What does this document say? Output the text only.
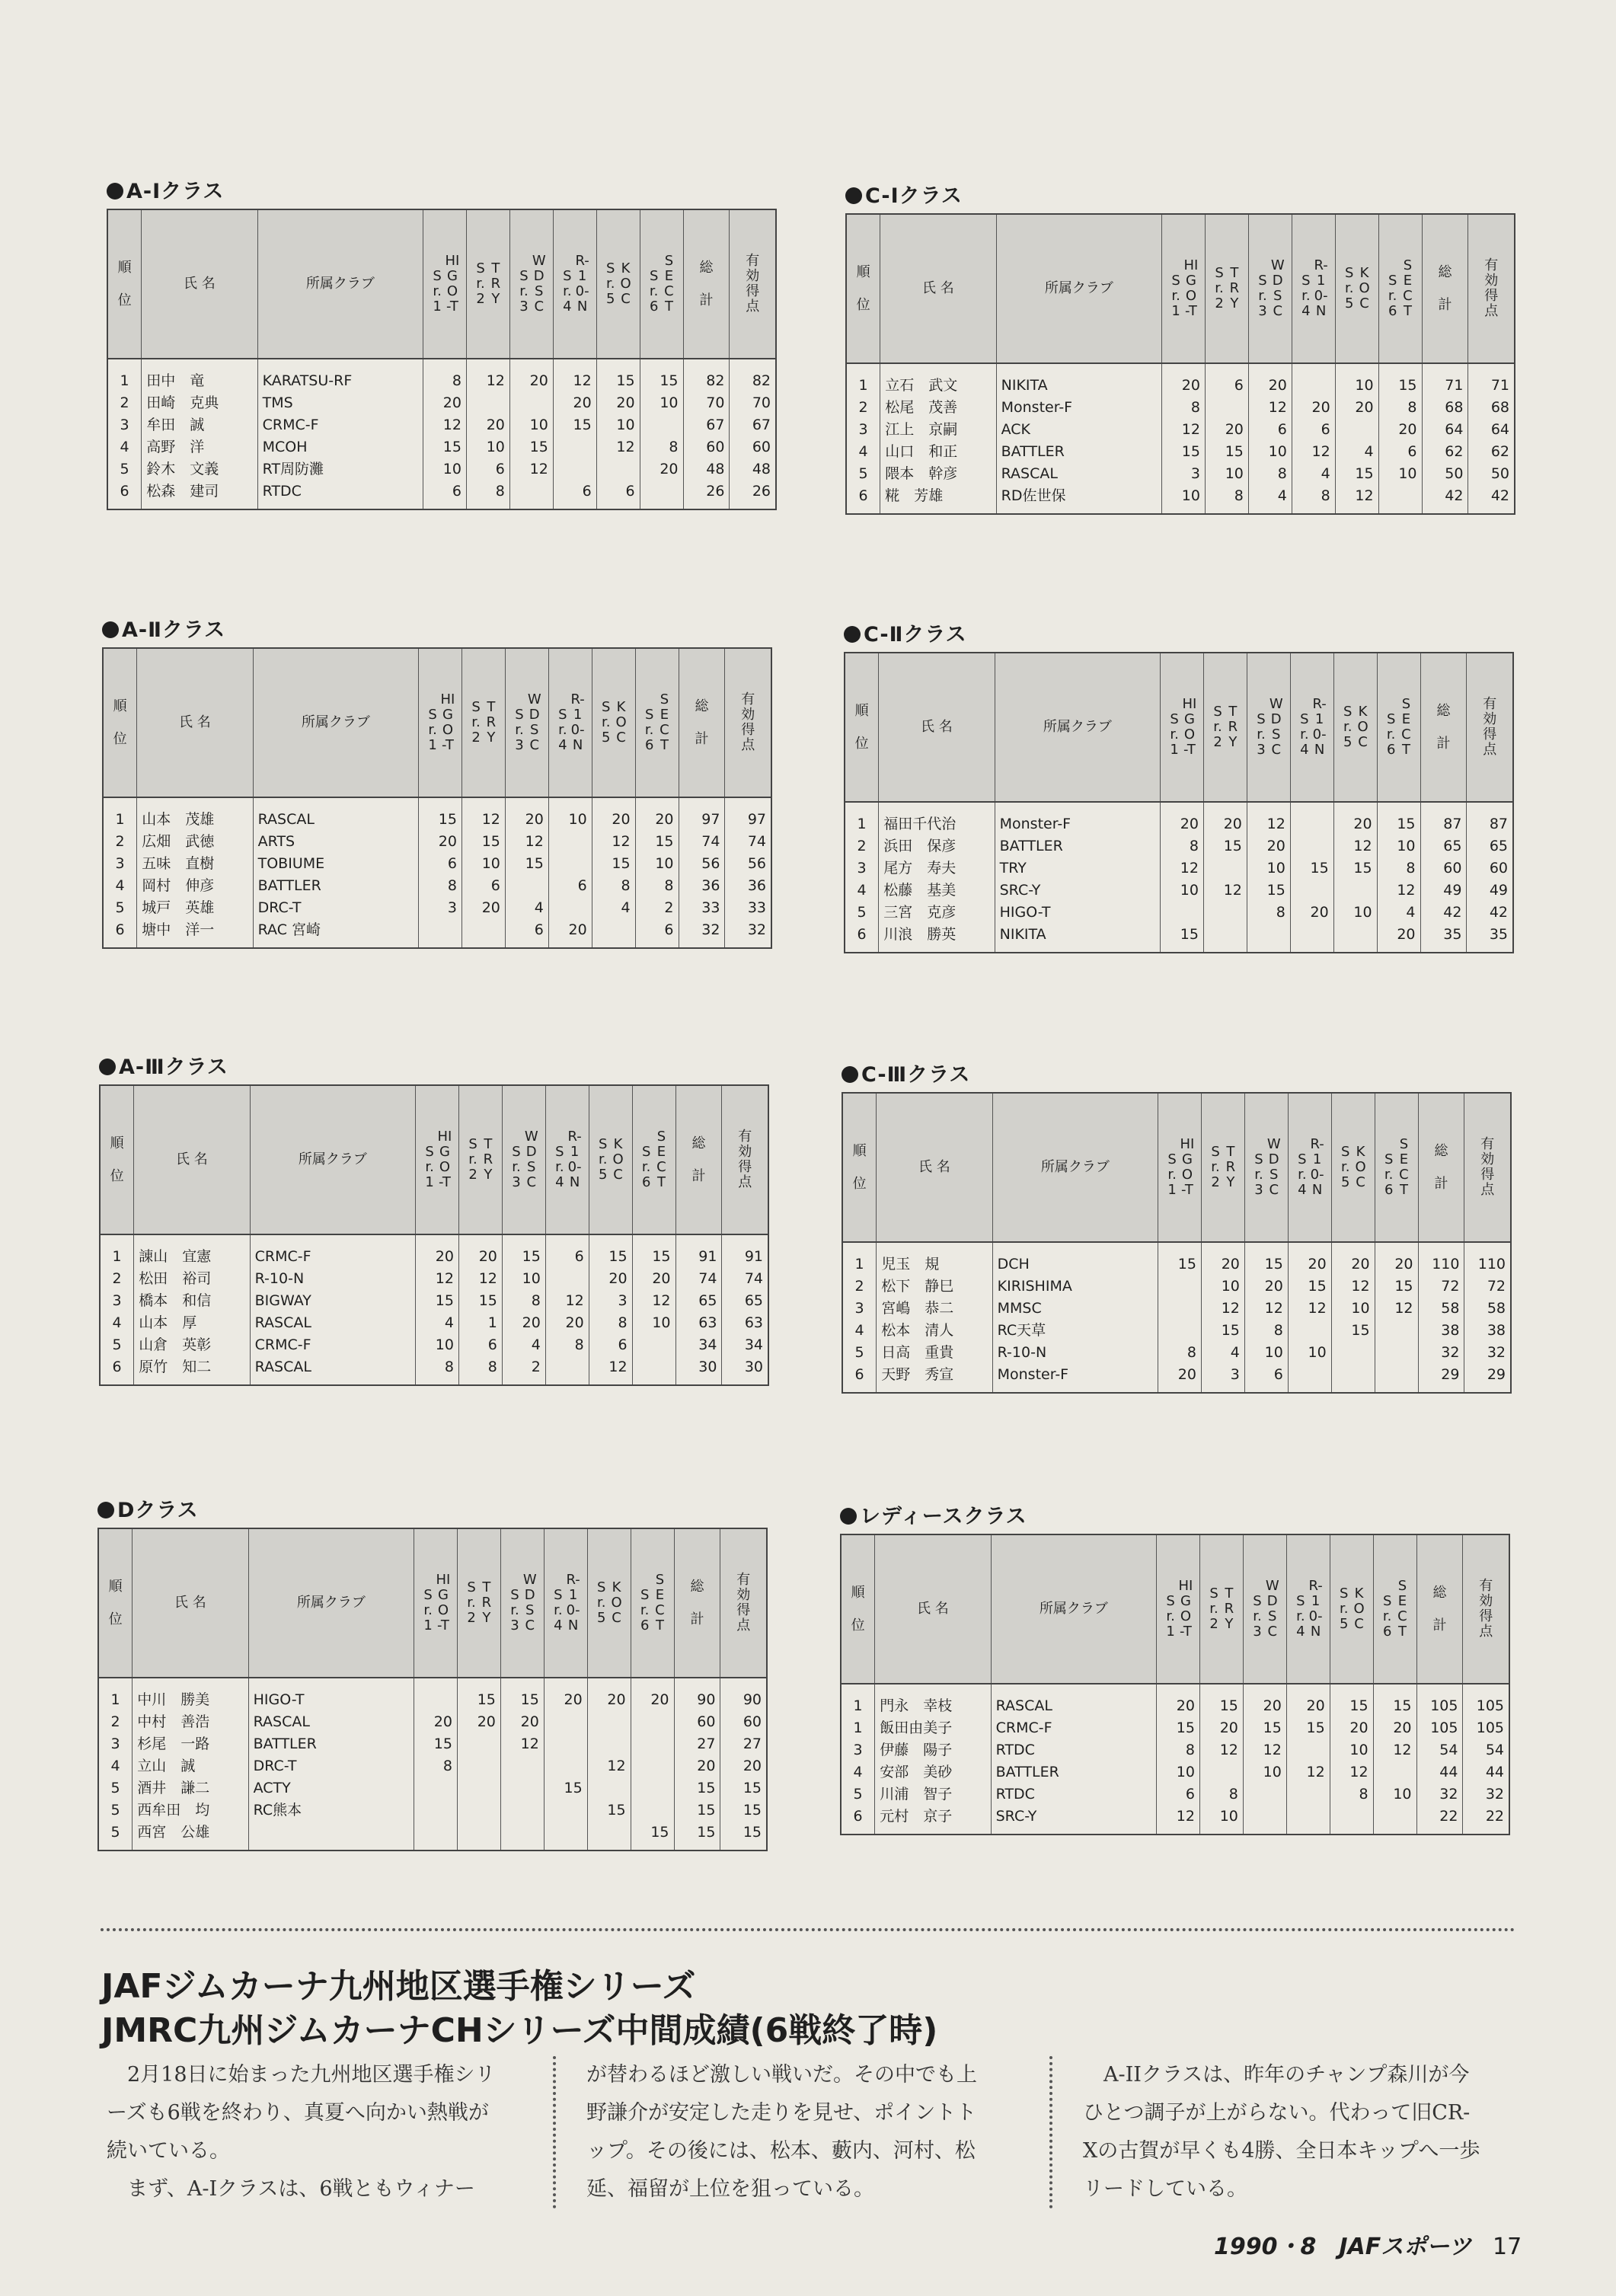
A-Ⅰクラス
順
位	氏 名	所属クラブ	Sr.1HIGO-T	Sr.2TRY	Sr.3WDSC	Sr.4R-10-N	Sr.5KOC	Sr.6SECT	総
計	有効得点
1	田中　竜	KARATSU-RF	8	12	20	12	15	15	82	82
2	田崎　克典	TMS	20			20	20	10	70	70
3	牟田　誠	CRMC-F	12	20	10	15	10		67	67
4	高野　洋	MCOH	15	10	15		12	8	60	60
5	鈴木　文義	RT周防灘	10	6	12			20	48	48
6	松森　建司	RTDC	6	8		6	6		26	26
C-Ⅰクラス
順
位	氏 名	所属クラブ	Sr.1HIGO-T	Sr.2TRY	Sr.3WDSC	Sr.4R-10-N	Sr.5KOC	Sr.6SECT	総
計	有効得点
1	立石　武文	NIKITA	20	6	20		10	15	71	71
2	松尾　茂善	Monster-F	8		12	20	20	8	68	68
3	江上　京嗣	ACK	12	20	6	6		20	64	64
4	山口　和正	BATTLER	15	15	10	12	4	6	62	62
5	隈本　幹彦	RASCAL	3	10	8	4	15	10	50	50
6	糀　芳雄	RD佐世保	10	8	4	8	12		42	42
A-Ⅱクラス
順
位	氏 名	所属クラブ	Sr.1HIGO-T	Sr.2TRY	Sr.3WDSC	Sr.4R-10-N	Sr.5KOC	Sr.6SECT	総
計	有効得点
1	山本　茂雄	RASCAL	15	12	20	10	20	20	97	97
2	広畑　武徳	ARTS	20	15	12		12	15	74	74
3	五味　直樹	TOBIUME	6	10	15		15	10	56	56
4	岡村　伸彦	BATTLER	8	6		6	8	8	36	36
5	城戸　英雄	DRC-T	3	20	4		4	2	33	33
6	塘中　洋一	RAC 宮崎			6	20		6	32	32
C-Ⅱクラス
順
位	氏 名	所属クラブ	Sr.1HIGO-T	Sr.2TRY	Sr.3WDSC	Sr.4R-10-N	Sr.5KOC	Sr.6SECT	総
計	有効得点
1	福田千代治	Monster-F	20	20	12		20	15	87	87
2	浜田　保彦	BATTLER	8	15	20		12	10	65	65
3	尾方　寿夫	TRY	12		10	15	15	8	60	60
4	松藤　基美	SRC-Y	10	12	15			12	49	49
5	三宮　克彦	HIGO-T			8	20	10	4	42	42
6	川浪　勝英	NIKITA	15					20	35	35
A-Ⅲクラス
順
位	氏 名	所属クラブ	Sr.1HIGO-T	Sr.2TRY	Sr.3WDSC	Sr.4R-10-N	Sr.5KOC	Sr.6SECT	総
計	有効得点
1	諌山　宜憲	CRMC-F	20	20	15	6	15	15	91	91
2	松田　裕司	R-10-N	12	12	10		20	20	74	74
3	橋本　和信	BIGWAY	15	15	8	12	3	12	65	65
4	山本　厚	RASCAL	4	1	20	20	8	10	63	63
5	山倉　英彰	CRMC-F	10	6	4	8	6		34	34
6	原竹　知二	RASCAL	8	8	2		12		30	30
C-Ⅲクラス
順
位	氏 名	所属クラブ	Sr.1HIGO-T	Sr.2TRY	Sr.3WDSC	Sr.4R-10-N	Sr.5KOC	Sr.6SECT	総
計	有効得点
1	児玉　規	DCH	15	20	15	20	20	20	110	110
2	松下　静巳	KIRISHIMA		10	20	15	12	15	72	72
3	宮嶋　恭二	MMSC		12	12	12	10	12	58	58
4	松本　清人	RC天草		15	8		15		38	38
5	日高　重貴	R-10-N	8	4	10	10			32	32
6	天野　秀宣	Monster-F	20	3	6				29	29
Dクラス
順
位	氏 名	所属クラブ	Sr.1HIGO-T	Sr.2TRY	Sr.3WDSC	Sr.4R-10-N	Sr.5KOC	Sr.6SECT	総
計	有効得点
1	中川　勝美	HIGO-T		15	15	20	20	20	90	90
2	中村　善浩	RASCAL	20	20	20				60	60
3	杉尾　一路	BATTLER	15		12				27	27
4	立山　誠	DRC-T	8				12		20	20
5	酒井　謙二	ACTY				15			15	15
5	西牟田　均	RC熊本					15		15	15
5	西宮　公雄							15	15	15
レディースクラス
順
位	氏 名	所属クラブ	Sr.1HIGO-T	Sr.2TRY	Sr.3WDSC	Sr.4R-10-N	Sr.5KOC	Sr.6SECT	総
計	有効得点
1	門永　幸枝	RASCAL	20	15	20	20	15	15	105	105
1	飯田由美子	CRMC-F	15	20	15	15	20	20	105	105
3	伊藤　陽子	RTDC	8	12	12		10	12	54	54
4	安部　美砂	BATTLER	10		10	12	12		44	44
5	川浦　智子	RTDC	6	8			8	10	32	32
6	元村　京子	SRC-Y	12	10					22	22
JAFジムカーナ九州地区選手権シリーズ
JMRC九州ジムカーナCHシリーズ中間成績(6戦終了時)
　2月18日に始まった九州地区選手権シリ
ーズも6戦を終わり、真夏へ向かい熱戦が
続いている。
　まず、A-Iクラスは、6戦ともウィナー
が替わるほど激しい戦いだ。その中でも上
野謙介が安定した走りを見せ、ポイントト
ップ。その後には、松本、藪内、河村、松
延、福留が上位を狙っている。
　A-IIクラスは、昨年のチャンプ森川が今
ひとつ調子が上がらない。代わって旧CR-
Xの古賀が早くも4勝、全日本キップへ一歩
リードしている。
1990・8　JAFスポーツ 17
